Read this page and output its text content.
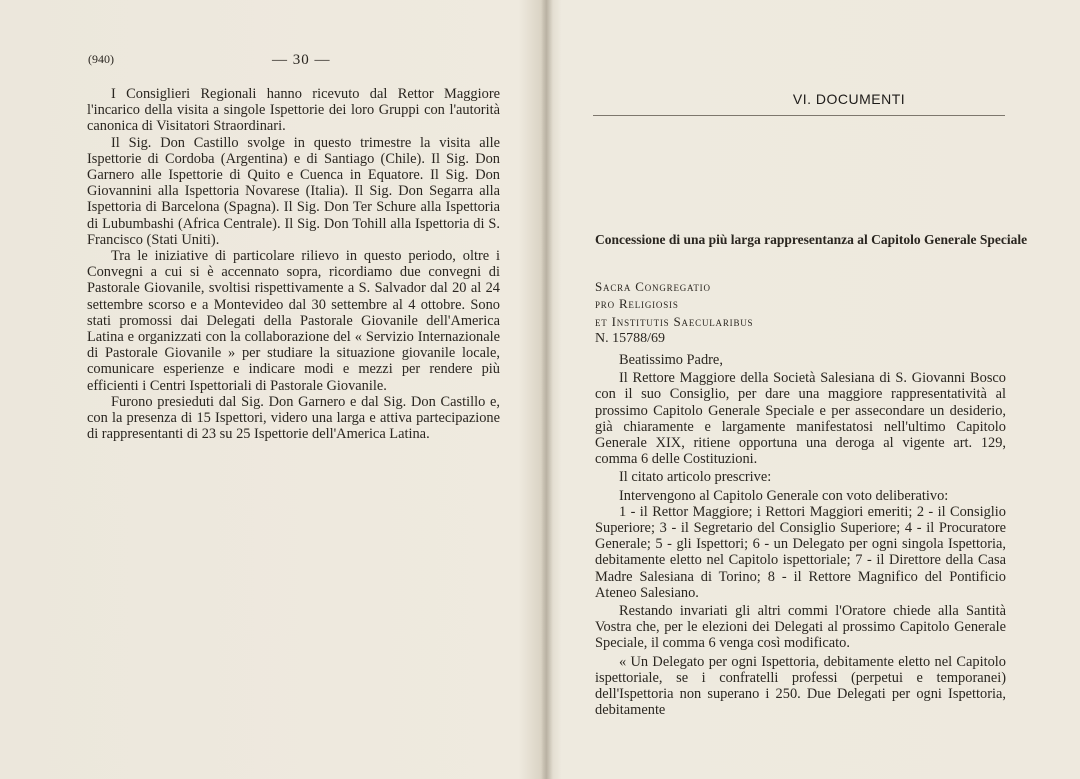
(940)	— 30 —

I Consiglieri Regionali hanno ricevuto dal Rettor Maggiore l'incarico della visita a singole Ispettorie dei loro Gruppi con l'autorità canonica di Visitatori Straordinari.

Il Sig. Don Castillo svolge in questo trimestre la visita alle Ispettorie di Cordoba (Argentina) e di Santiago (Chile). Il Sig. Don Garnero alle Ispettorie di Quito e Cuenca in Equatore. Il Sig. Don Giovannini alla Ispettoria Novarese (Italia). Il Sig. Don Segarra alla Ispettoria di Barcelona (Spagna). Il Sig. Don Ter Schure alla Ispettoria di Lubumbashi (Africa Centrale). Il Sig. Don Tohill alla Ispettoria di S. Francisco (Stati Uniti).

Tra le iniziative di particolare rilievo in questo periodo, oltre i Convegni a cui si è accennato sopra, ricordiamo due convegni di Pastorale Giovanile, svoltisi rispettivamente a S. Salvador dal 20 al 24 settembre scorso e a Montevideo dal 30 settembre al 4 ottobre. Sono stati promossi dai Delegati della Pastorale Giovanile dell'America Latina e organizzati con la collaborazione del « Servizio Internazionale di Pastorale Giovanile » per studiare la situazione giovanile locale, comunicare esperienze e indicare modi e mezzi per rendere più efficienti i Centri Ispettoriali di Pastorale Giovanile.

Furono presieduti dal Sig. Don Garnero e dal Sig. Don Castillo e, con la presenza di 15 Ispettori, videro una larga e attiva partecipazione di rappresentanti di 23 su 25 Ispettorie dell'America Latina.

VI. DOCUMENTI
Concessione di una più larga rappresentanza al Capitolo Generale Speciale
Sacra Congregatio
pro Religiosis
et Institutis Saecularibus
N. 15788/69

Beatissimo Padre,

Il Rettore Maggiore della Società Salesiana di S. Giovanni Bosco con il suo Consiglio, per dare una maggiore rappresentatività al prossimo Capitolo Generale Speciale e per assecondare un desiderio, già chiaramente e largamente manifestatosi nell'ultimo Capitolo Generale XIX, ritiene opportuna una deroga al vigente art. 129, comma 6 delle Costituzioni.

Il citato articolo prescrive:

Intervengono al Capitolo Generale con voto deliberativo:

1 - il Rettor Maggiore; i Rettori Maggiori emeriti; 2 - il Consiglio Superiore; 3 - il Segretario del Consiglio Superiore; 4 - il Procuratore Generale; 5 - gli Ispettori; 6 - un Delegato per ogni singola Ispettoria, debitamente eletto nel Capitolo ispettoriale; 7 - il Direttore della Casa Madre Salesiana di Torino; 8 - il Rettore Magnifico del Pontificio Ateneo Salesiano.

Restando invariati gli altri commi l'Oratore chiede alla Santità Vostra che, per le elezioni dei Delegati al prossimo Capitolo Generale Speciale, il comma 6 venga così modificato.

« Un Delegato per ogni Ispettoria, debitamente eletto nel Capitolo ispettoriale, se i confratelli professi (perpetui e temporanei) dell'Ispettoria non superano i 250. Due Delegati per ogni Ispettoria, debitamente
